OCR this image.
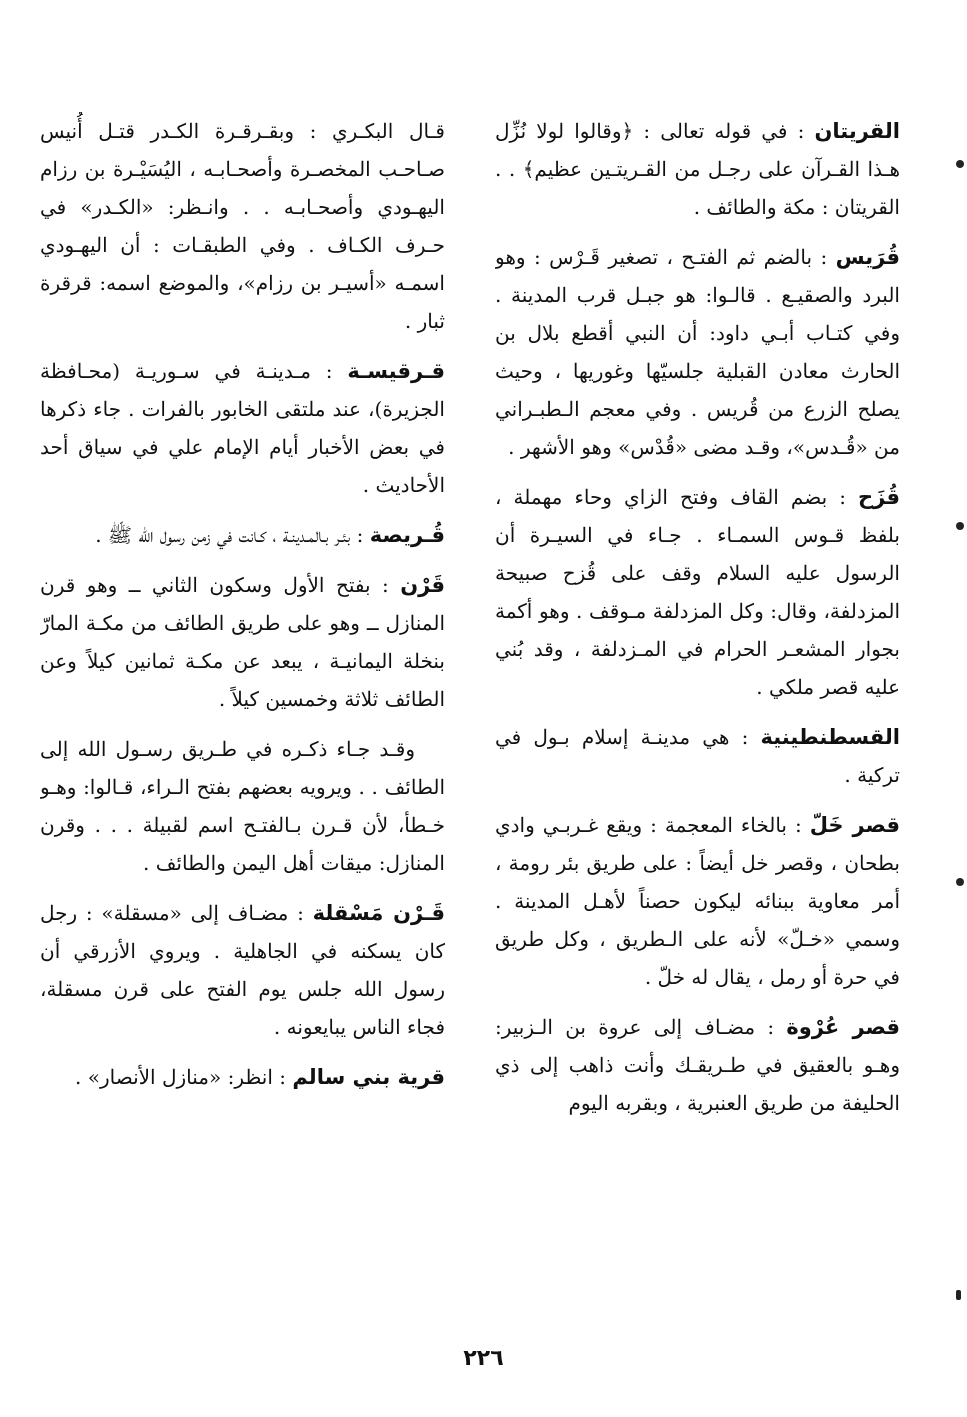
قـال البكـري : وبقـرقـرة الكـدر قتـل أُنيس صـاحـب المخصـرة وأصحـابـه ، اليُسَيْـرة بن رزام اليهـودي وأصحـابـه . . وانـظر: «الكـدر» في حـرف الكـاف . وفي الطبقـات : أن اليهـودي اسمـه «أسيـر بن رزام»، والموضع اسمه: قرقرة ثبار .

قـرقيسـة : مـدينـة في سـوريـة (محـافظة الجزيرة)، عند ملتقى الخابور بالفرات . جاء ذكرها في بعض الأخبار أيام الإمام علي في سياق أحد الأحاديث .

قُـريصة : بئـر بـالمـدينـة ، كـانت في زمن رسول الله ﷺ .

قَرْن : بفتح الأول وسكون الثاني ــ وهو قرن المنازل ــ وهو على طريق الطائف من مكـة المارّ بنخلة اليمانيـة ، يبعد عن مكـة ثمانين كيلاً وعن الطائف ثلاثة وخمسين كيلاً .

وقـد جـاء ذكـره في طـريق رسـول الله إلى الطائف . . ويرويه بعضهم بفتح الـراء، قـالوا: وهـو خـطأ، لأن قـرن بـالفتـح اسم لقبيلة . . . وقرن المنازل: ميقات أهل اليمن والطائف .

قَـرْن مَسْقلة : مضـاف إلى «مسقلة» : رجل كان يسكنه في الجاهلية . ويروي الأزرقي أن رسول الله جلس يوم الفتح على قرن مسقلة، فجاء الناس يبايعونه .

قرية بني سالم : انظر: «منازل الأنصار» .

القريتان : في قوله تعالى : ﴿وقالوا لولا نُزِّل هـذا القـرآن على رجـل من القـريتـين عظيم﴾ . . القريتان : مكة والطائف .

قُرَيس : بالضم ثم الفتـح ، تصغير قَـرْس : وهو البرد والصقيـع . قالـوا: هو جبـل قرب المدينة . وفي كتـاب أبـي داود: أن النبي أقطع بلال بن الحارث معادن القبلية جلسيّها وغوريها ، وحيث يصلح الزرع من قُريس . وفي معجم الـطبـراني من «قُـدس»، وقـد مضى «قُدْس» وهو الأشهر .

قُزَح : بضم القاف وفتح الزاي وحاء مهملة ، بلفظ قـوس السمـاء . جـاء في السيـرة أن الرسول عليه السلام وقف على قُزح صبيحة المزدلفة، وقال: وكل المزدلفة مـوقف . وهو أكمة بجوار المشعـر الحرام في المـزدلفة ، وقد بُني عليه قصر ملكي .

القسطنطينية : هي مدينـة إسلام بـول في تركية .

قصر خَلّ : بالخاء المعجمة : ويقع غـربـي وادي بطحان ، وقصر خل أيضاً : على طريق بئر رومة ، أمر معاوية ببنائه ليكون حصناً لأهـل المدينة . وسمي «خـلّ» لأنه على الـطريق ، وكل طريق في حرة أو رمل ، يقال له خلّ .

قصر عُرْوة : مضـاف إلى عروة بن الـزبير: وهـو بالعقيق في طـريقـك وأنت ذاهب إلى ذي الحليفة من طريق العنبرية ، وبقربه اليوم

٢٢٦
